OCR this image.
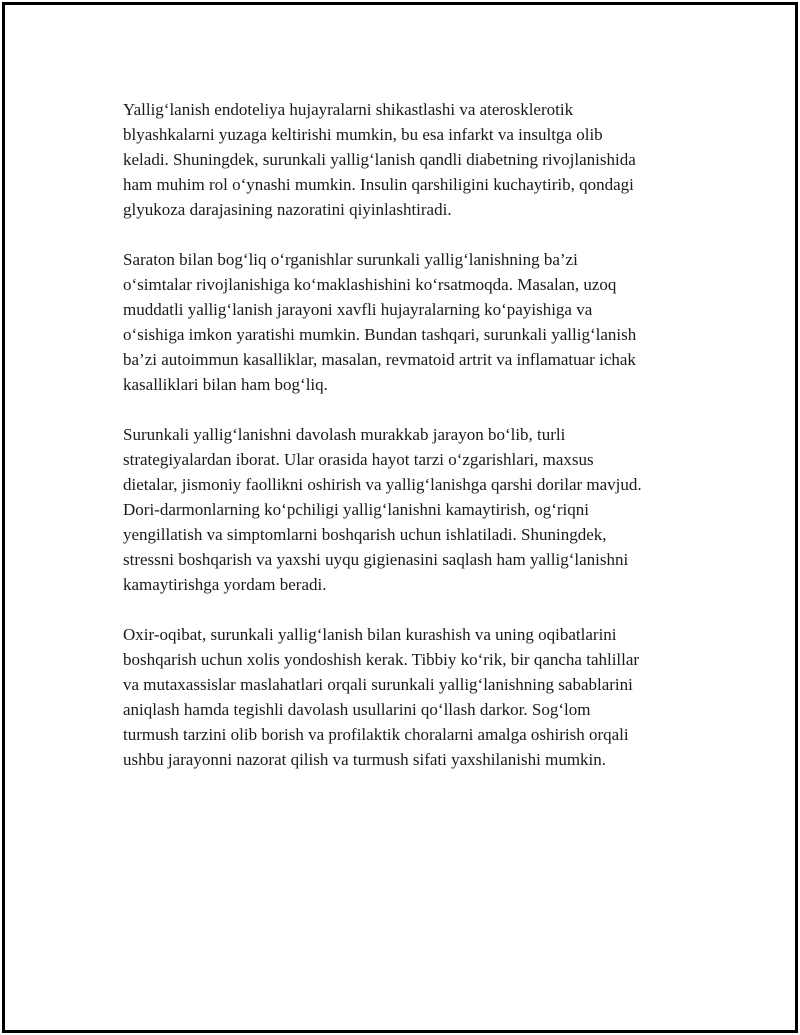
Yallig‘lanish endoteliya hujayralarni shikastlashi va aterosklerotik
blyashkalarni yuzaga keltirishi mumkin, bu esa infarkt va insultga olib
keladi. Shuningdek, surunkali yallig‘lanish qandli diabetning rivojlanishida
ham muhim rol o‘ynashi mumkin. Insulin qarshiligini kuchaytirib, qondagi
glyukoza darajasining nazoratini qiyinlashtiradi.

Saraton bilan bog‘liq o‘rganishlar surunkali yallig‘lanishning ba’zi
o‘simtalar rivojlanishiga ko‘maklashishini ko‘rsatmoqda. Masalan, uzoq
muddatli yallig‘lanish jarayoni xavfli hujayralarning ko‘payishiga va
o‘sishiga imkon yaratishi mumkin. Bundan tashqari, surunkali yallig‘lanish
ba’zi autoimmun kasalliklar, masalan, revmatoid artrit va inflamatuar ichak
kasalliklari bilan ham bog‘liq.

Surunkali yallig‘lanishni davolash murakkab jarayon bo‘lib, turli
strategiyalardan iborat. Ular orasida hayot tarzi o‘zgarishlari, maxsus
dietalar, jismoniy faollikni oshirish va yallig‘lanishga qarshi dorilar mavjud.
Dori-darmonlarning ko‘pchiligi yallig‘lanishni kamaytirish, og‘riqni
yengillatish va simptomlarni boshqarish uchun ishlatiladi. Shuningdek,
stressni boshqarish va yaxshi uyqu gigienasini saqlash ham yallig‘lanishni
kamaytirishga yordam beradi.

Oxir-oqibat, surunkali yallig‘lanish bilan kurashish va uning oqibatlarini
boshqarish uchun xolis yondoshish kerak. Tibbiy ko‘rik, bir qancha tahlillar
va mutaxassislar maslahatlari orqali surunkali yallig‘lanishning sabablarini
aniqlash hamda tegishli davolash usullarini qo‘llash darkor. Sog‘lom
turmush tarzini olib borish va profilaktik choralarni amalga oshirish orqali
ushbu jarayonni nazorat qilish va turmush sifati yaxshilanishi mumkin.
